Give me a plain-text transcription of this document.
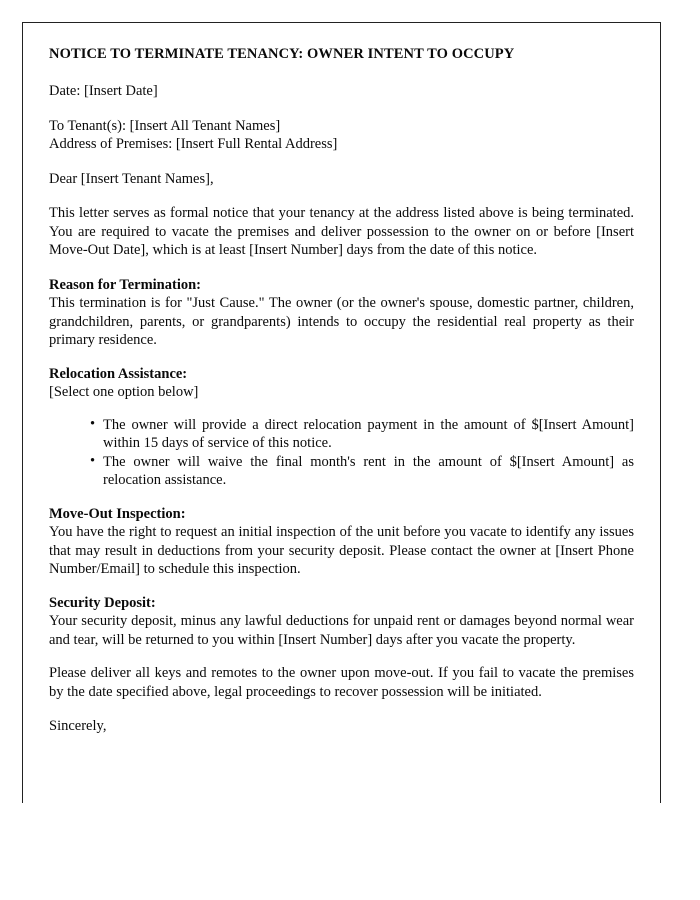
NOTICE TO TERMINATE TENANCY: OWNER INTENT TO OCCUPY

Date: [Insert Date]

To Tenant(s): [Insert All Tenant Names]

Address of Premises: [Insert Full Rental Address]

Dear [Insert Tenant Names],

This letter serves as formal notice that your tenancy at the address listed above is being terminated. You are required to vacate the premises and deliver possession to the owner on or before [Insert Move-Out Date], which is at least [Insert Number] days from the date of this notice.

Reason for Termination:

This termination is for "Just Cause." The owner (or the owner's spouse, domestic partner, children, grandchildren, parents, or grandparents) intends to occupy the residential real property as their primary residence.

Relocation Assistance:

[Select one option below]

• The owner will provide a direct relocation payment in the amount of $[Insert Amount] within 15 days of service of this notice.
• The owner will waive the final month's rent in the amount of $[Insert Amount] as relocation assistance.

Move-Out Inspection:

You have the right to request an initial inspection of the unit before you vacate to identify any issues that may result in deductions from your security deposit. Please contact the owner at [Insert Phone Number/Email] to schedule this inspection.

Security Deposit:

Your security deposit, minus any lawful deductions for unpaid rent or damages beyond normal wear and tear, will be returned to you within [Insert Number] days after you vacate the property.

Please deliver all keys and remotes to the owner upon move-out. If you fail to vacate the premises by the date specified above, legal proceedings to recover possession will be initiated.

Sincerely,
